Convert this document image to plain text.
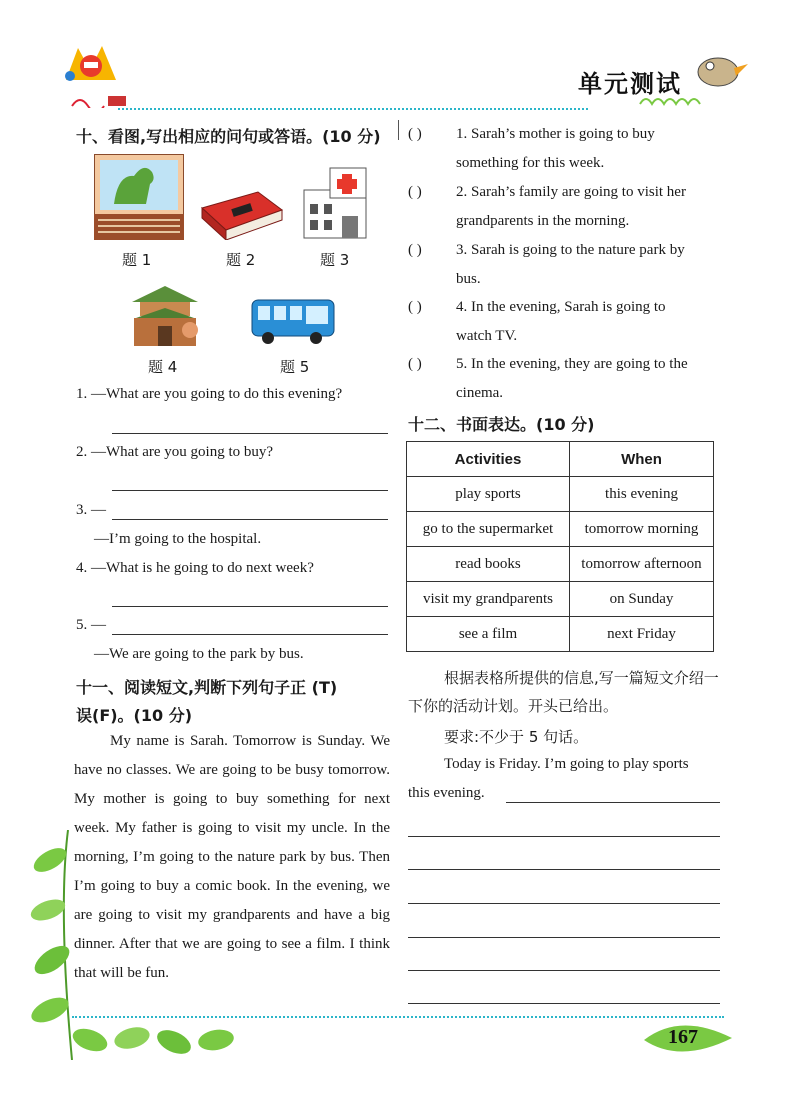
单元测试
十、看图,写出相应的问句或答语。(10 分)
题 1	题 2	题 3
题 4	题 5
1. —What are you going to do this evening?
2. —What are you going to buy?
3. —
—I’m going to the hospital.
4. —What is he going to do next week?
5. —
—We are going to the park by bus.
十一、阅读短文,判断下列句子正 (T)
误(F)。(10 分)
My name is Sarah. Tomorrow is Sunday. We have no classes. We are going to be busy tomorrow. My mother is going to buy something for next week. My father is going to visit my uncle. In the morning, I’m going to the nature park by bus. Then I’m going to buy a comic book. In the evening, we are going to visit my grandparents and have a big dinner. After that we are going to see a film. I think that will be fun.
( ) 1. Sarah’s mother is going to buy something for this week.
( ) 2. Sarah’s family are going to visit her grandparents in the morning.
( ) 3. Sarah is going to the nature park by bus.
( ) 4. In the evening, Sarah is going to watch TV.
( ) 5. In the evening, they are going to the cinema.
十二、书面表达。(10 分)
Activities	When
play sports	this evening
go to the supermarket	tomorrow morning
read books	tomorrow afternoon
visit my grandparents	on Sunday
see a film	next Friday
根据表格所提供的信息,写一篇短文介绍一下你的活动计划。开头已给出。
要求:不少于 5 句话。
Today is Friday. I’m going to play sports
this evening.
167
